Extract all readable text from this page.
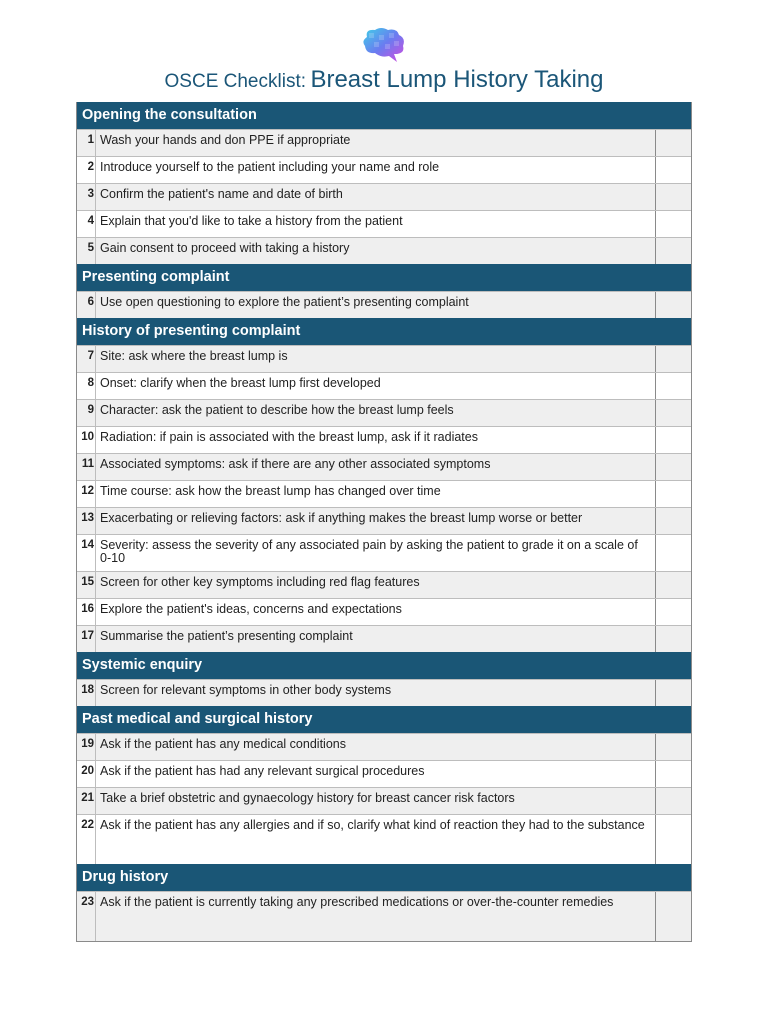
OSCE Checklist: Breast Lump History Taking
Opening the consultation
1 Wash your hands and don PPE if appropriate
2 Introduce yourself to the patient including your name and role
3 Confirm the patient's name and date of birth
4 Explain that you'd like to take a history from the patient
5 Gain consent to proceed with taking a history
Presenting complaint
6 Use open questioning to explore the patient’s presenting complaint
History of presenting complaint
7 Site: ask where the breast lump is
8 Onset: clarify when the breast lump first developed
9 Character: ask the patient to describe how the breast lump feels
10 Radiation: if pain is associated with the breast lump, ask if it radiates
11 Associated symptoms: ask if there are any other associated symptoms
12 Time course: ask how the breast lump has changed over time
13 Exacerbating or relieving factors: ask if anything makes the breast lump worse or better
14 Severity: assess the severity of any associated pain by asking the patient to grade it on a scale of 0-10
15 Screen for other key symptoms including red flag features
16 Explore the patient's ideas, concerns and expectations
17 Summarise the patient’s presenting complaint
Systemic enquiry
18 Screen for relevant symptoms in other body systems
Past medical and surgical history
19 Ask if the patient has any medical conditions
20 Ask if the patient has had any relevant surgical procedures
21 Take a brief obstetric and gynaecology history for breast cancer risk factors
22 Ask if the patient has any allergies and if so, clarify what kind of reaction they had to the substance
Drug history
23 Ask if the patient is currently taking any prescribed medications or over-the-counter remedies
